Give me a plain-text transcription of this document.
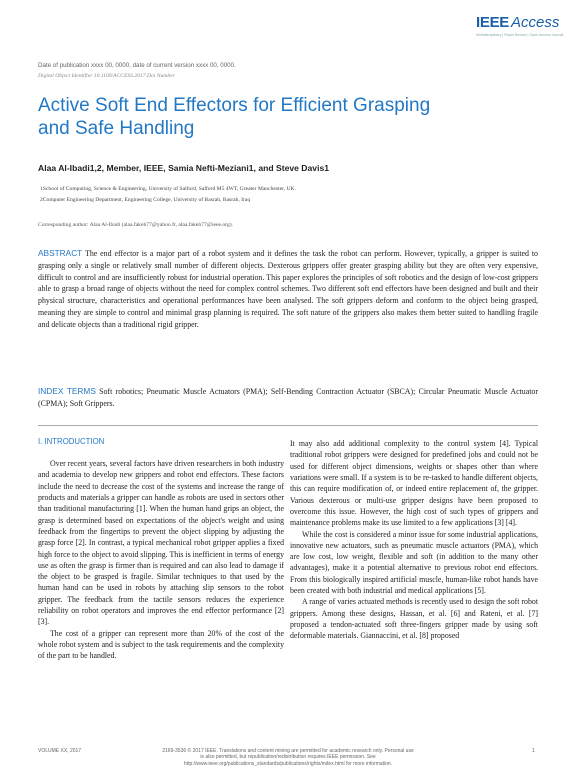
IEEE Access
Multidisciplinary | Rapid Review | Open Access Journal
Date of publication xxxx 00, 0000, date of current version xxxx 00, 0000.
Digital Object Identifier 10.1109/ACCESS.2017.Doi Number
Active Soft End Effectors for Efficient Grasping and Safe Handling
Alaa Al-Ibadi1,2, Member, IEEE, Samia Nefti-Meziani1, and Steve Davis1
1School of Computing, Science & Engineering, University of Salford, Salford M5 4WT, Greater Manchester, UK.
2Computer Engineering Department, Engineering College, University of Basrah, Basrah, Iraq
Corresponding author: Alaa Al-Ibadi (alaa.fakeh77@yahoo.fr, alaa.fakeh77@ieee.org).

ABSTRACT The end effector is a major part of a robot system and it defines the task the robot can perform. However, typically, a gripper is suited to grasping only a single or relatively small number of different objects. Dexterous grippers offer greater grasping ability but they are often very expensive, difficult to control and are insufficiently robust for industrial operation. This paper explores the principles of soft robotics and the design of low-cost grippers able to grasp a broad range of objects without the need for complex control schemes. Two different soft end effectors have been designed and built and their physical structure, characteristics and operational performances have been analysed. The soft grippers deform and conform to the object being grasped, meaning they are simple to control and minimal grasp planning is required. The soft nature of the grippers also makes them better suited to handling fragile and delicate objects than a traditional rigid gripper.

INDEX TERMS Soft robotics; Pneumatic Muscle Actuators (PMA); Self-Bending Contraction Actuator (SBCA); Circular Pneumatic Muscle Actuator (CPMA); Soft Grippers.

I. INTRODUCTION

Over recent years, several factors have driven researchers in both industry and academia to develop new grippers and robot end effectors. These factors include the need to decrease the cost of the systems and increase the range of products and materials a gripper can handle as robots are used in sectors other than traditional manufacturing [1]. When the human hand grips an object, the grasp is determined based on expectations of the object's weight and using feedback from the fingertips to prevent the object slipping by adjusting the grasp force [2]. In contrast, a typical mechanical robot gripper applies a fixed high force to the object to avoid slipping. This is inefficient in terms of energy use as often the grasp is firmer than is required and can also lead to damage if the object to be grasped is fragile. Similar techniques to that used by the human hand can be used in robots by attaching slip sensors to the robot gripper. The feedback from the tactile sensors reduces the experience reliability on robot operators and improves the end effector performance [2] [3].

The cost of a gripper can represent more than 20% of the cost of the whole robot system and is subject to the task requirements and the complexity of the part to be handled.

It may also add additional complexity to the control system [4]. Typical traditional robot grippers were designed for predefined jobs and could not be used for different object dimensions, weights or shapes other than where variations were small. If a system is to be re-tasked to handle different objects, this can require modification of, or indeed entire replacement of, the gripper. Various dexterous or multi-use gripper designs have been proposed to overcome this issue. However, the high cost of such types of grippers and maintenance problems make its use limited to a few applications [3] [4].

While the cost is considered a minor issue for some industrial applications, innovative new actuators, such as pneumatic muscle actuators (PMA), which are low cost, low weight, flexible and soft (in addition to the many other advantages), make it a potential alternative to previous robot end effectors. From this biologically inspired artificial muscle, human-like robot hands have been created with both industrial and medical applications [5].

A range of varies actuated methods is recently used to design the soft robot grippers. Among these designs, Hassan, et al. [6] and Rateni, et al. [7] proposed a tendon-actuated soft three-fingers gripper made by using soft deformable materials. Giannaccini, et al. [8] proposed

VOLUME XX, 2017	2169-3536 © 2017 IEEE. Translations and content mining are permitted for academic research only. Personal use is also permitted, but republication/redistribution requires IEEE permission. See http://www.ieee.org/publications_standards/publications/rights/index.html for more information.
1
